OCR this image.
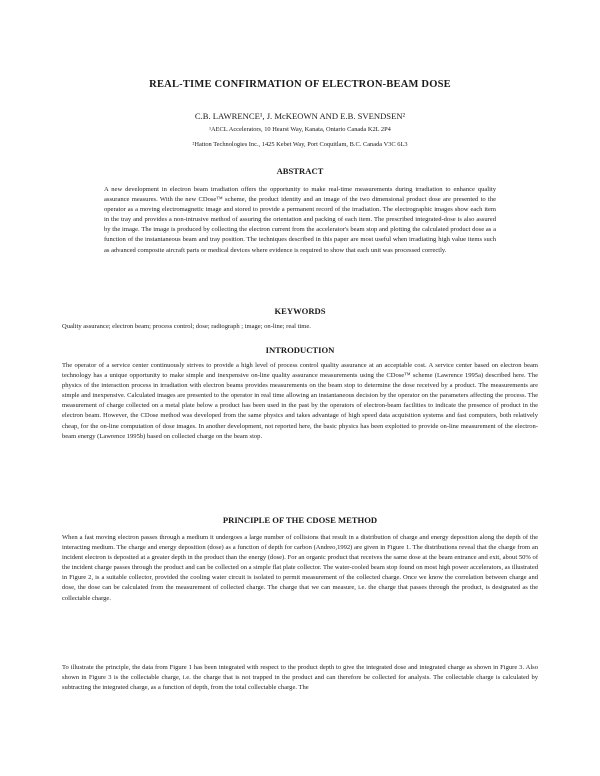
REAL-TIME CONFIRMATION OF ELECTRON-BEAM DOSE
C.B. LAWRENCE¹, J. McKEOWN AND E.B. SVENDSEN²
¹AECL Accelerators, 10 Hearst Way, Kanata, Ontario Canada K2L 2P4
²Hatton Technologies Inc., 1425 Kebet Way, Port Coquitlam, B.C. Canada V3C 6L3
ABSTRACT
A new development in electron beam irradiation offers the opportunity to make real-time measurements during irradiation to enhance quality assurance measures. With the new CDose™ scheme, the product identity and an image of the two dimensional product dose are presented to the operator as a moving electromagnetic image and stored to provide a permanent record of the irradiation. The electrographic images show each item in the tray and provides a non-intrusive method of assuring the orientation and packing of each item. The prescribed integrated-dose is also assured by the image. The image is produced by collecting the electron current from the accelerator's beam stop and plotting the calculated product dose as a function of the instantaneous beam and tray position. The techniques described in this paper are most useful when irradiating high value items such as advanced composite aircraft parts or medical devices where evidence is required to show that each unit was processed correctly.
KEYWORDS
Quality assurance; electron beam; process control; dose; radiograph ; image; on-line; real time.
INTRODUCTION
The operator of a service center continuously strives to provide a high level of process control quality assurance at an acceptable cost. A service center based on electron beam technology has a unique opportunity to make simple and inexpensive on-line quality assurance measurements using the CDose™ scheme (Lawrence 1995a) described here. The physics of the interaction process in irradiation with electron beams provides measurements on the beam stop to determine the dose received by a product. The measurements are simple and inexpensive. Calculated images are presented to the operator in real time allowing an instantaneous decision by the operator on the parameters affecting the process. The measurement of charge collected on a metal plate below a product has been used in the past by the operators of electron-beam facilities to indicate the presence of product in the electron beam. However, the CDose method was developed from the same physics and takes advantage of high speed data acquisition systems and fast computers, both relatively cheap, for the on-line computation of dose images. In another development, not reported here, the basic physics has been exploited to provide on-line measurement of the electron-beam energy (Lawrence 1995b) based on collected charge on the beam stop.
PRINCIPLE OF THE CDOSE METHOD
When a fast moving electron passes through a medium it undergoes a large number of collisions that result in a distribution of charge and energy deposition along the depth of the interacting medium. The charge and energy deposition (dose) as a function of depth for carbon (Andreo,1992) are given in Figure 1. The distributions reveal that the charge from an incident electron is deposited at a greater depth in the product than the energy (dose). For an organic product that receives the same dose at the beam entrance and exit, about 50% of the incident charge passes through the product and can be collected on a simple flat plate collector. The water-cooled beam stop found on most high power accelerators, as illustrated in Figure 2, is a suitable collector, provided the cooling water circuit is isolated to permit measurement of the collected charge. Once we know the correlation between charge and dose, the dose can be calculated from the measurement of collected charge. The charge that we can measure, i.e. the charge that passes through the product, is designated as the collectable charge.
To illustrate the principle, the data from Figure 1 has been integrated with respect to the product depth to give the integrated dose and integrated charge as shown in Figure 3. Also shown in Figure 3 is the collectable charge, i.e. the charge that is not trapped in the product and can therefore be collected for analysis. The collectable charge is calculated by subtracting the integrated charge, as a function of depth, from the total collectable charge. The
